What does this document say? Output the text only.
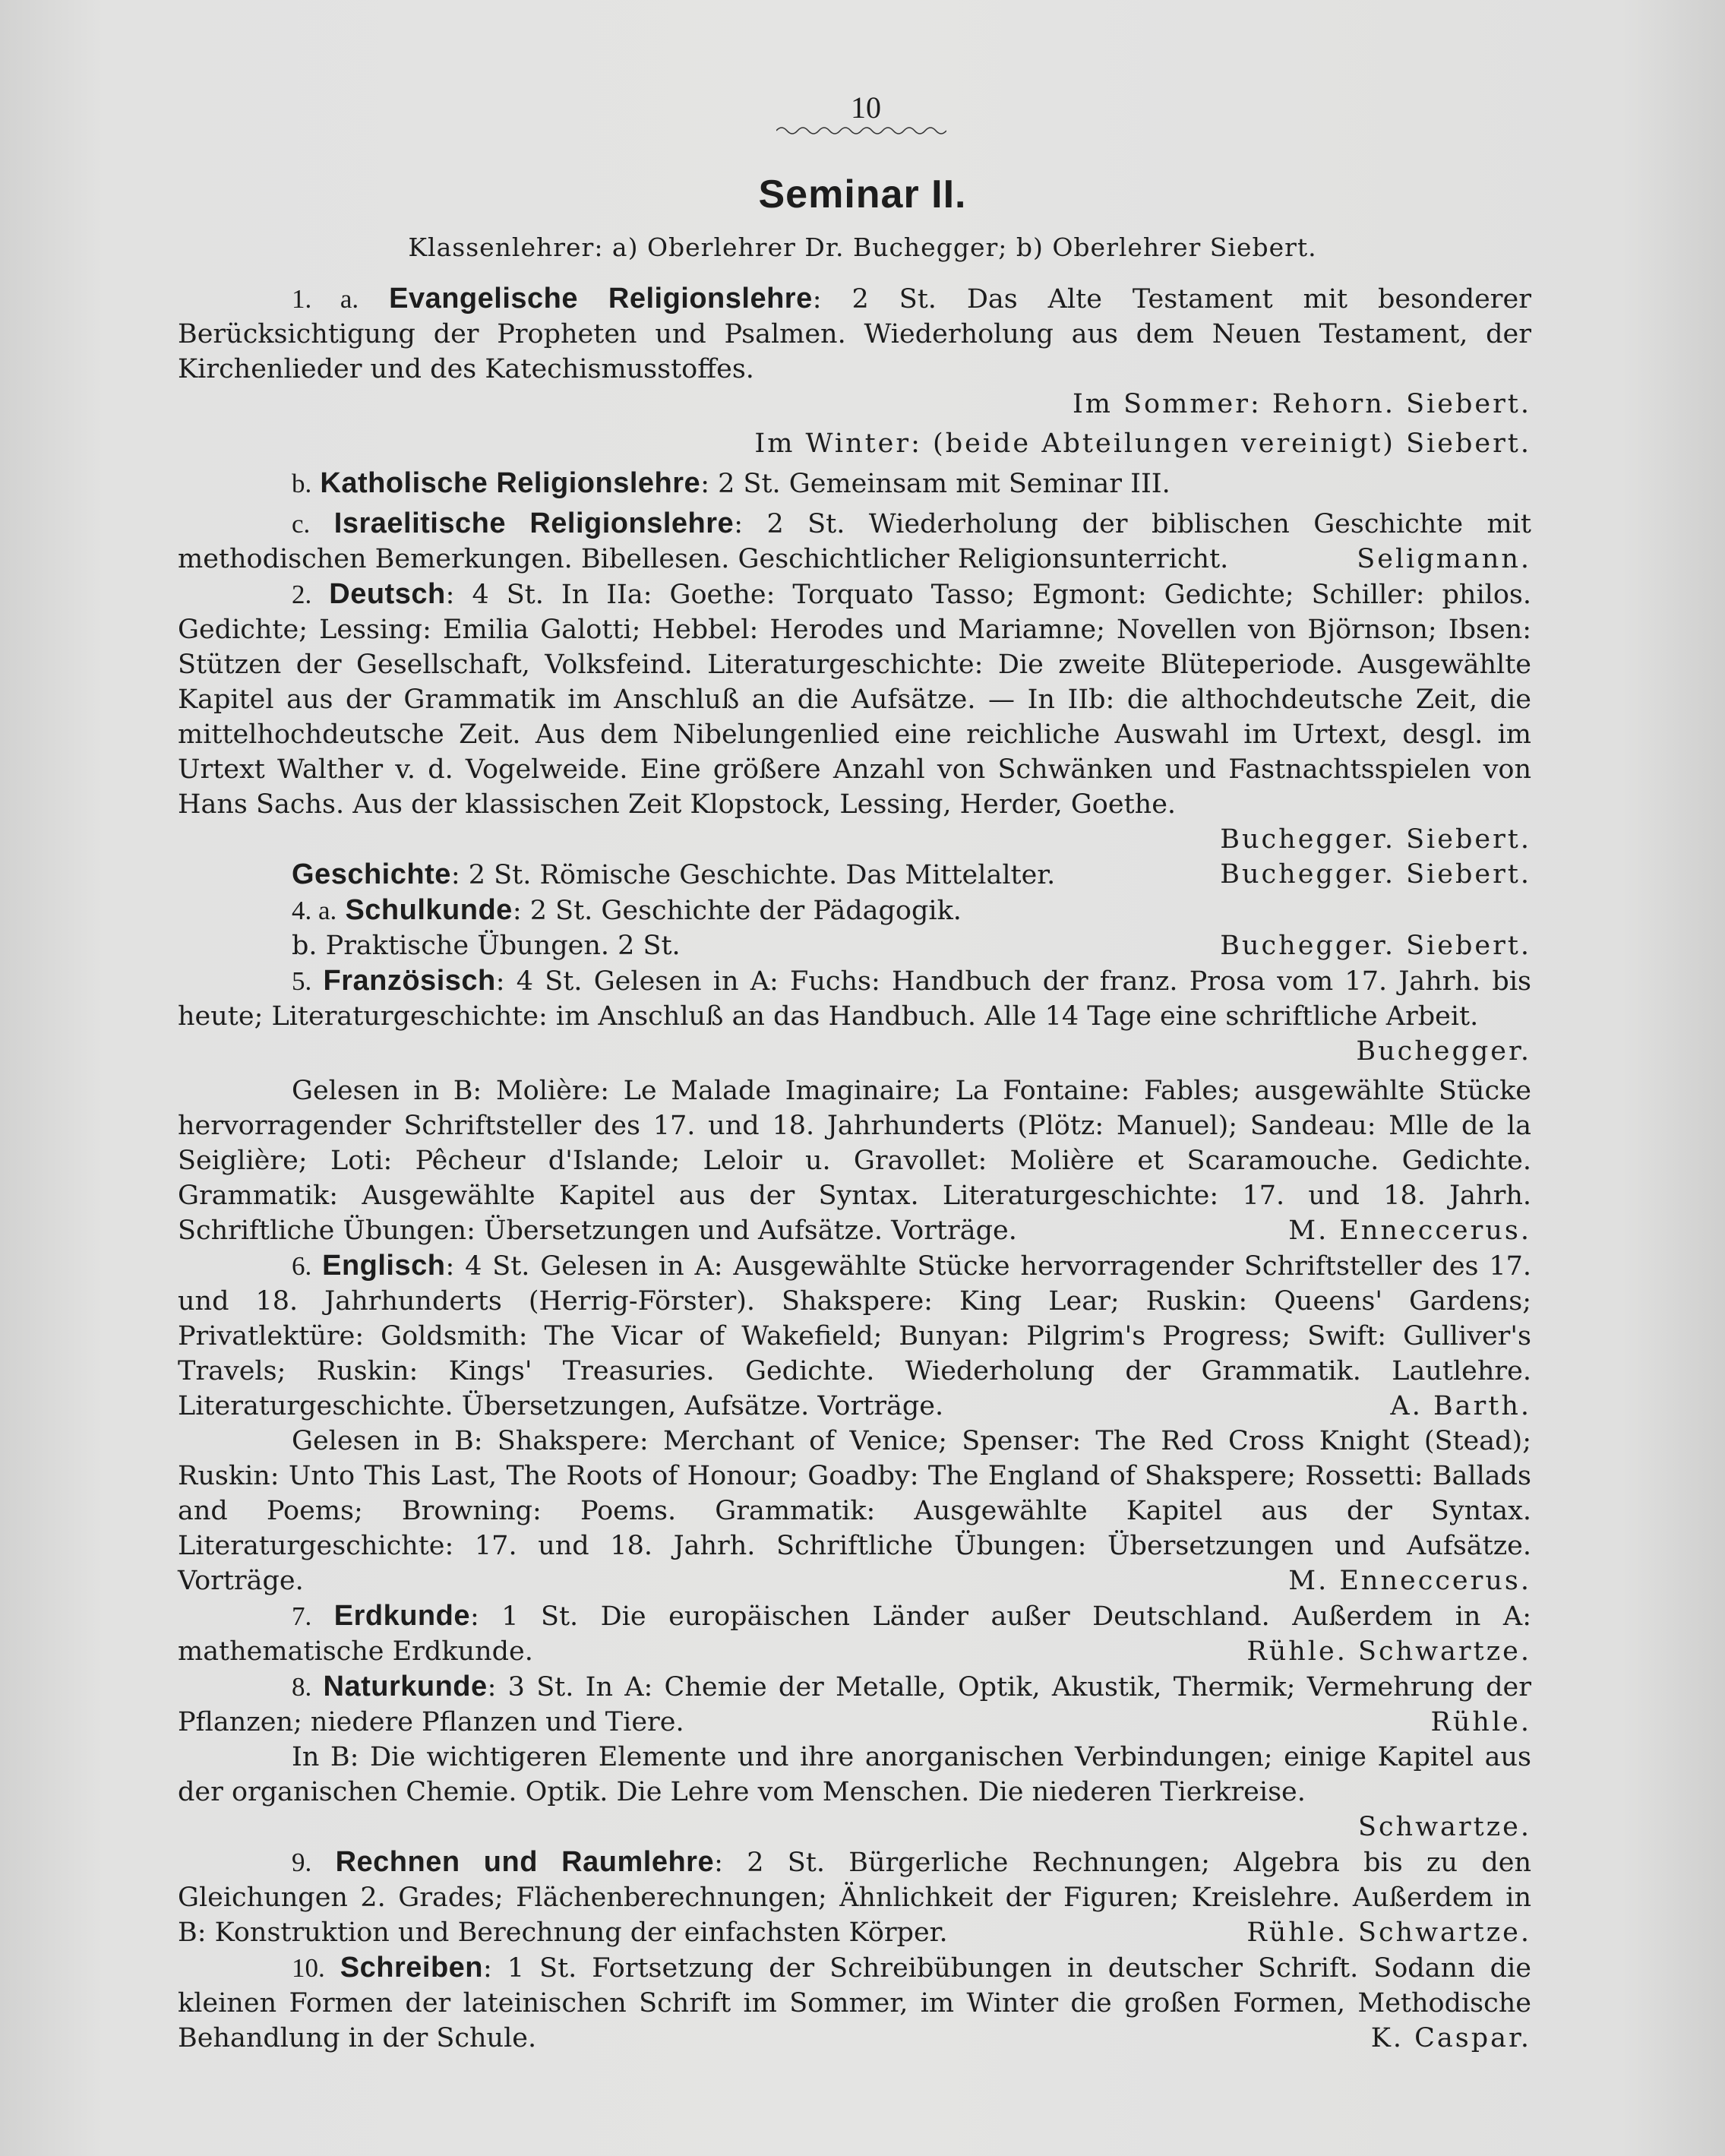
10
Seminar II.
Klassenlehrer: a) Oberlehrer Dr. Buchegger; b) Oberlehrer Siebert.

1. a. Evangelische Religionslehre: 2 St. Das Alte Testament mit besonderer Berücksichtigung der Propheten und Psalmen. Wiederholung aus dem Neuen Testament, der Kirchenlieder und des Katechismusstoffes.

Im Sommer: Rehorn. Siebert.
Im Winter: (beide Abteilungen vereinigt) Siebert.

b. Katholische Religionslehre: 2 St. Gemeinsam mit Seminar III.

c. Israelitische Religionslehre: 2 St. Wiederholung der biblischen Geschichte mit methodischen Bemerkungen. Bibellesen. Geschichtlicher Religionsunterricht.	Seligmann.

2. Deutsch: 4 St. In IIa: Goethe: Torquato Tasso; Egmont: Gedichte; Schiller: philos. Gedichte; Lessing: Emilia Galotti; Hebbel: Herodes und Mariamne; Novellen von Björnson; Ibsen: Stützen der Gesellschaft, Volksfeind. Literaturgeschichte: Die zweite Blüteperiode. Ausgewählte Kapitel aus der Grammatik im Anschluß an die Aufsätze. — In IIb: die althochdeutsche Zeit, die mittelhochdeutsche Zeit. Aus dem Nibelungenlied eine reichliche Auswahl im Urtext, desgl. im Urtext Walther v. d. Vogelweide. Eine größere Anzahl von Schwänken und Fastnachtsspielen von Hans Sachs. Aus der klassischen Zeit Klopstock, Lessing, Herder, Goethe.
Buchegger. Siebert.

Geschichte: 2 St. Römische Geschichte. Das Mittelalter.	Buchegger. Siebert.

4. a. Schulkunde: 2 St. Geschichte der Pädagogik.

b. Praktische Übungen. 2 St.	Buchegger. Siebert.

5. Französisch: 4 St. Gelesen in A: Fuchs: Handbuch der franz. Prosa vom 17. Jahrh. bis heute; Literaturgeschichte: im Anschluß an das Handbuch. Alle 14 Tage eine schriftliche Arbeit.

Buchegger.

Gelesen in B: Molière: Le Malade Imaginaire; La Fontaine: Fables; ausgewählte Stücke hervorragender Schriftsteller des 17. und 18. Jahrhunderts (Plötz: Manuel); Sandeau: Mlle de la Seiglière; Loti: Pêcheur d'Islande; Leloir u. Gravollet: Molière et Scaramouche. Gedichte. Grammatik: Ausgewählte Kapitel aus der Syntax. Literaturgeschichte: 17. und 18. Jahrh. Schriftliche Übungen: Übersetzungen und Aufsätze. Vorträge.	M. Enneccerus.

6. Englisch: 4 St. Gelesen in A: Ausgewählte Stücke hervorragender Schriftsteller des 17. und 18. Jahrhunderts (Herrig-Förster). Shakspere: King Lear; Ruskin: Queens' Gardens; Privatlektüre: Goldsmith: The Vicar of Wakefield; Bunyan: Pilgrim's Progress; Swift: Gulliver's Travels; Ruskin: Kings' Treasuries. Gedichte. Wiederholung der Grammatik. Lautlehre. Literaturgeschichte. Übersetzungen, Aufsätze. Vorträge.	A. Barth.

Gelesen in B: Shakspere: Merchant of Venice; Spenser: The Red Cross Knight (Stead); Ruskin: Unto This Last, The Roots of Honour; Goadby: The England of Shakspere; Rossetti: Ballads and Poems; Browning: Poems. Grammatik: Ausgewählte Kapitel aus der Syntax. Literaturgeschichte: 17. und 18. Jahrh. Schriftliche Übungen: Übersetzungen und Aufsätze. Vorträge.	M. Enneccerus.

7. Erdkunde: 1 St. Die europäischen Länder außer Deutschland. Außerdem in A: mathematische Erdkunde.	Rühle. Schwartze.

8. Naturkunde: 3 St. In A: Chemie der Metalle, Optik, Akustik, Thermik; Vermehrung der Pflanzen; niedere Pflanzen und Tiere.	Rühle.

In B: Die wichtigeren Elemente und ihre anorganischen Verbindungen; einige Kapitel aus der organischen Chemie. Optik. Die Lehre vom Menschen. Die niederen Tierkreise.
Schwartze.

9. Rechnen und Raumlehre: 2 St. Bürgerliche Rechnungen; Algebra bis zu den Gleichungen 2. Grades; Flächenberechnungen; Ähnlichkeit der Figuren; Kreislehre. Außerdem in B: Konstruktion und Berechnung der einfachsten Körper.	Rühle. Schwartze.

10. Schreiben: 1 St. Fortsetzung der Schreibübungen in deutscher Schrift. Sodann die kleinen Formen der lateinischen Schrift im Sommer, im Winter die großen Formen, Methodische Behandlung in der Schule.	K. Caspar.
